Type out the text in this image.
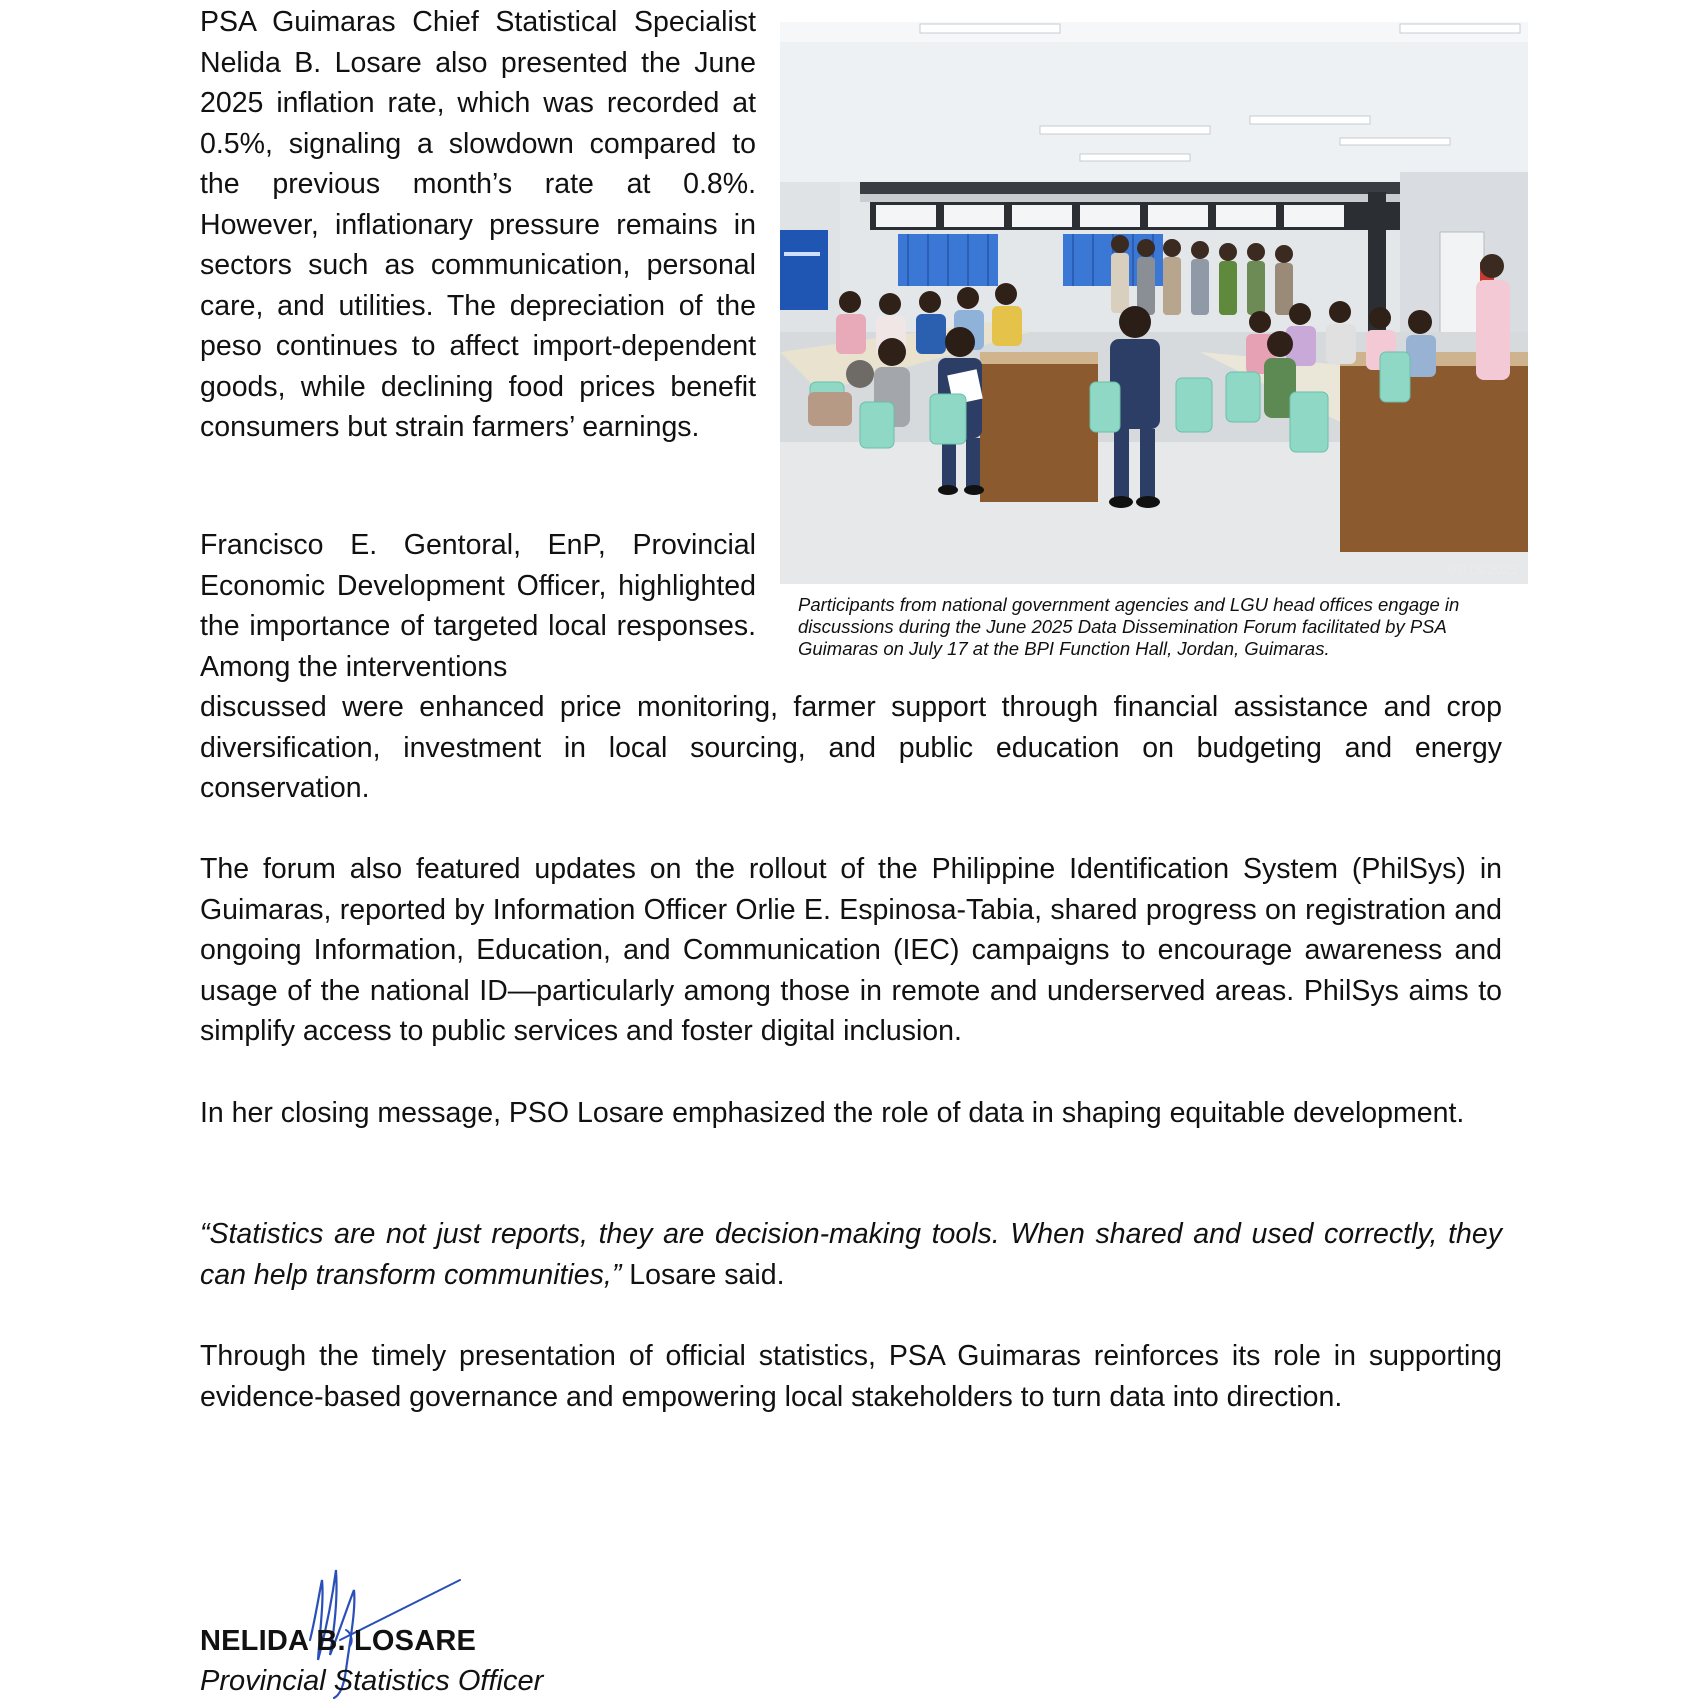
PSA Guimaras Chief Statistical Specialist Nelida B. Losare also presented the June 2025 inflation rate, which was recorded at 0.5%, signaling a slowdown compared to the previous month’s rate at 0.8%. However, inflationary pressure remains in sectors such as communication, personal care, and utilities. The depreciation of the peso continues to affect import-dependent goods, while declining food prices benefit consumers but strain farmers’ earnings.

07/18/2025

Participants from national government agencies and LGU head offices engage in discussions during the June 2025 Data Dissemination Forum facilitated by PSA Guimaras on July 17 at the BPI Function Hall, Jordan, Guimaras.

Francisco E. Gentoral, EnP, Provincial Economic Development Officer, highlighted the importance of targeted local responses. Among the interventions

discussed were enhanced price monitoring, farmer support through financial assistance and crop diversification, investment in local sourcing, and public education on budgeting and energy conservation.

The forum also featured updates on the rollout of the Philippine Identification System (PhilSys) in Guimaras, reported by Information Officer Orlie E. Espinosa-Tabia, shared progress on registration and ongoing Information, Education, and Communication (IEC) campaigns to encourage awareness and usage of the national ID—particularly among those in remote and underserved areas. PhilSys aims to simplify access to public services and foster digital inclusion.

In her closing message, PSO Losare emphasized the role of data in shaping equitable development.

“Statistics are not just reports, they are decision-making tools. When shared and used correctly, they can help transform communities,” Losare said.

Through the timely presentation of official statistics, PSA Guimaras reinforces its role in supporting evidence-based governance and empowering local stakeholders to turn data into direction.

NELIDA B. LOSARE
Provincial Statistics Officer
